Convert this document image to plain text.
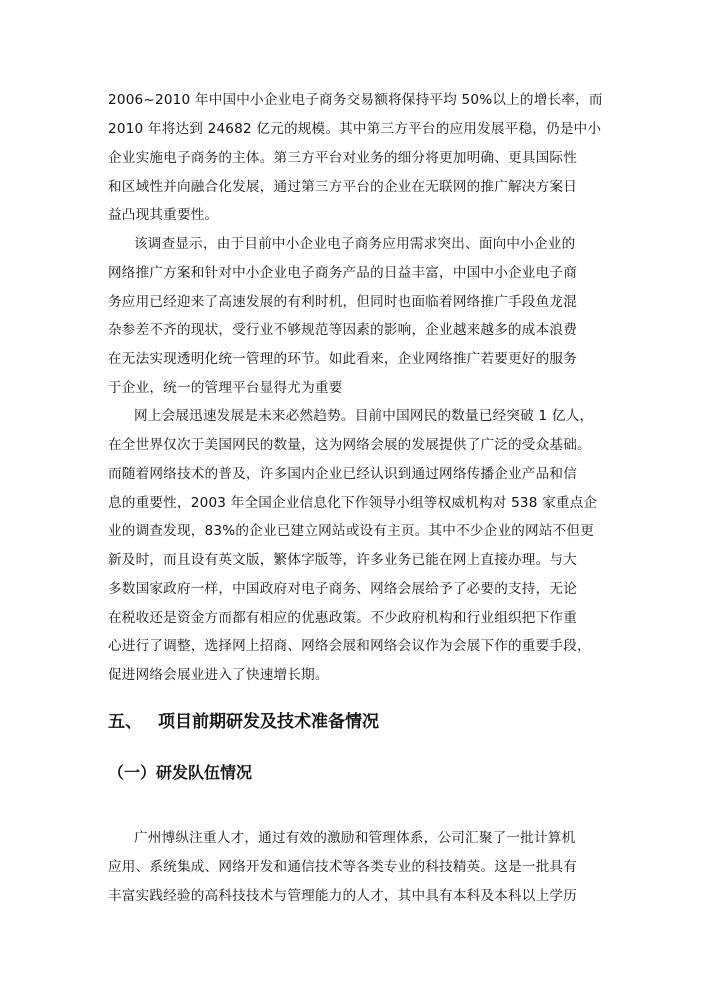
2006~2010 年中国中小企业电子商务交易额将保持平均 50%以上的增长率，而
2010 年将达到 24682 亿元的规模。其中第三方平台的应用发展平稳，仍是中小
企业实施电子商务的主体。第三方平台对业务的细分将更加明确、更具国际性
和区域性并向融合化发展，通过第三方平台的企业在无联网的推广解决方案日
益凸现其重要性。
该调查显示，由于目前中小企业电子商务应用需求突出、面向中小企业的
网络推广方案和针对中小企业电子商务产品的日益丰富，中国中小企业电子商
务应用已经迎来了高速发展的有利时机，但同时也面临着网络推广手段鱼龙混
杂参差不齐的现状，受行业不够规范等因素的影响，企业越来越多的成本浪费
在无法实现透明化统一管理的环节。如此看来，企业网络推广若要更好的服务
于企业，统一的管理平台显得尤为重要
网上会展迅速发展是未来必然趋势。目前中国网民的数量已经突破 1 亿人，
在全世界仅次于美国网民的数量，这为网络会展的发展提供了广泛的受众基础。
而随着网络技术的普及，许多国内企业已经认识到通过网络传播企业产品和信
息的重要性，2003 年全国企业信息化下作领导小组等权威机构对 538 家重点企
业的调查发现，83%的企业已建立网站或设有主页。其中不少企业的网站不但更
新及时，而且设有英文版，繁体字版等，许多业务已能在网上直接办理。与大
多数国家政府一样，中国政府对电子商务、网络会展给予了必要的支持，无论
在税收还是资金方而都有相应的优惠政策。不少政府机构和行业组织把下作重
心进行了调整，选择网上招商、网络会展和网络会议作为会展下作的重要手段，
促进网络会展业进入了快速增长期。
五、 项目前期研发及技术准备情况
（一）研发队伍情况
广州博纵注重人才，通过有效的激励和管理体系，公司汇聚了一批计算机
应用、系统集成、网络开发和通信技术等各类专业的科技精英。这是一批具有
丰富实践经验的高科技技术与管理能力的人才，其中具有本科及本科以上学历
